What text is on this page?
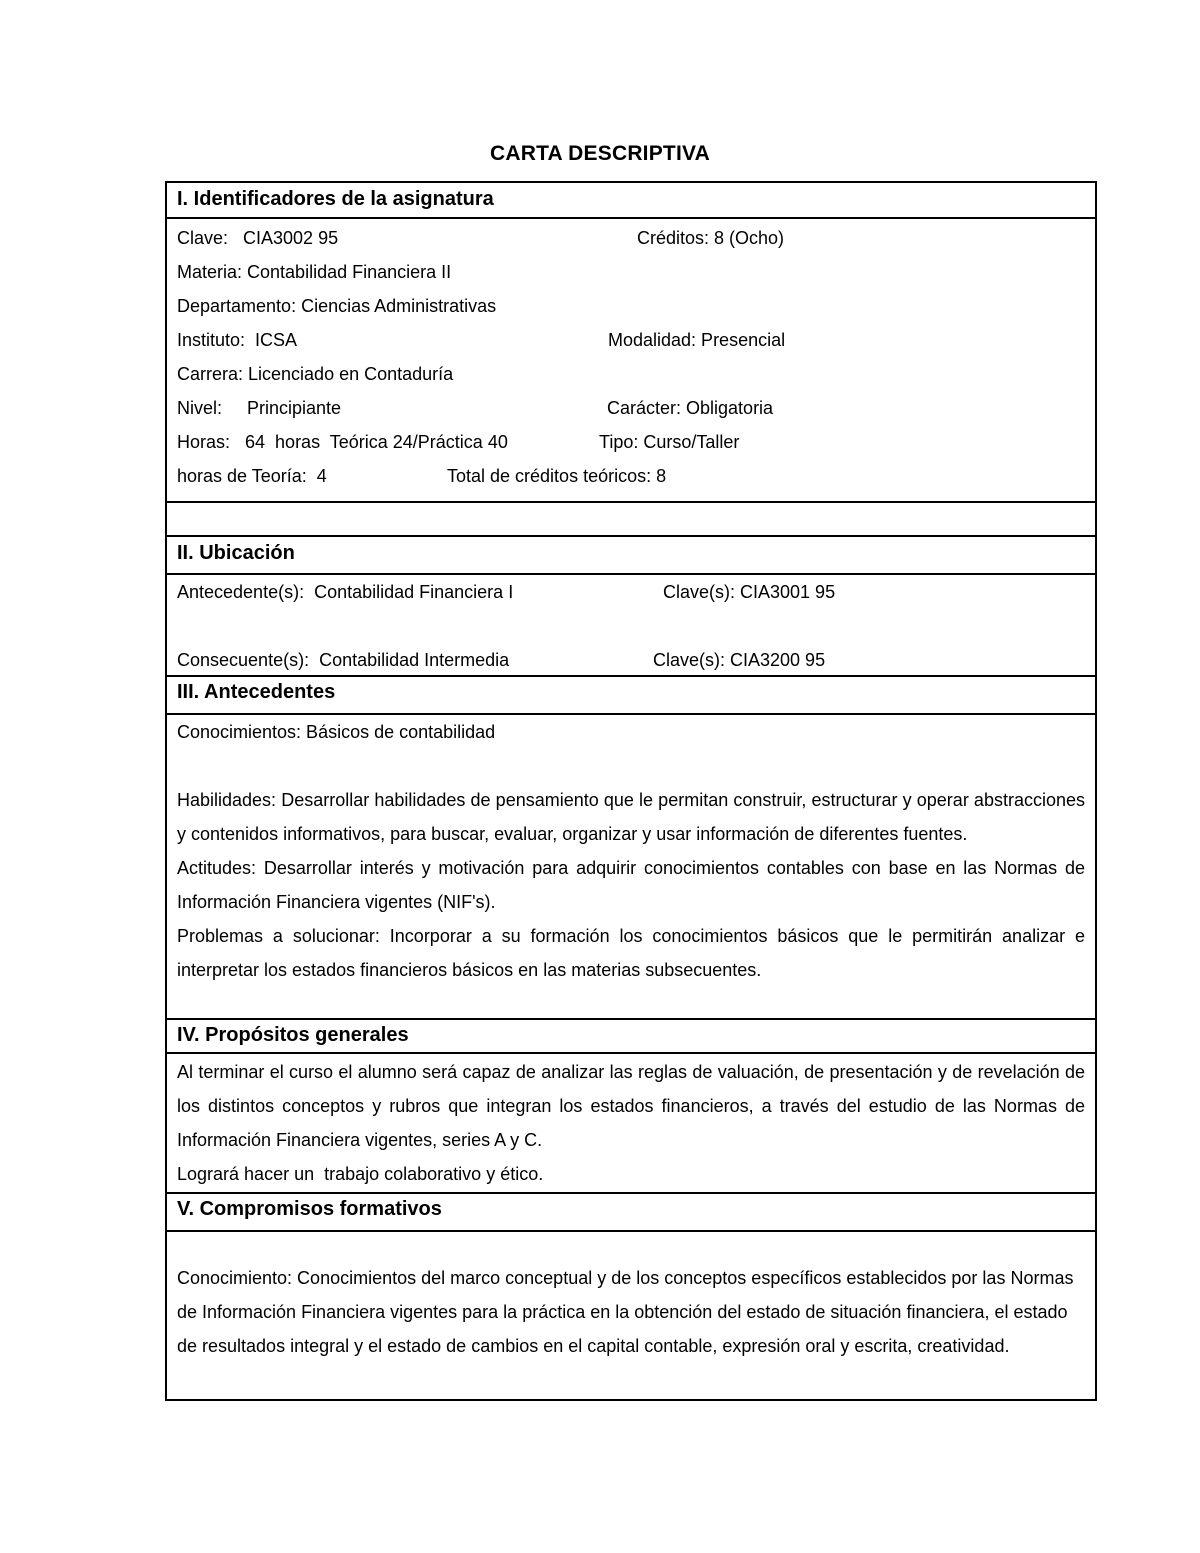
CARTA DESCRIPTIVA
I. Identificadores de la asignatura
Clave:   CIA3002 95	Créditos: 8 (Ocho)
Materia: Contabilidad Financiera II
Departamento: Ciencias Administrativas
Instituto:  ICSA	Modalidad: Presencial
Carrera: Licenciado en Contaduría
Nivel:     Principiante	Carácter: Obligatoria
Horas:   64  horas  Teórica 24/Práctica 40	Tipo: Curso/Taller
horas de Teoría:  4	Total de créditos teóricos: 8
II. Ubicación
Antecedente(s):  Contabilidad Financiera I	Clave(s): CIA3001 95
Consecuente(s):  Contabilidad Intermedia	Clave(s): CIA3200 95
III. Antecedentes
Conocimientos: Básicos de contabilidad
Habilidades: Desarrollar habilidades de pensamiento que le permitan construir, estructurar y operar abstracciones y contenidos informativos, para buscar, evaluar, organizar y usar información de diferentes fuentes.
Actitudes: Desarrollar interés y motivación para adquirir conocimientos contables con base en las Normas de Información Financiera vigentes (NIF's).
Problemas a solucionar: Incorporar a su formación los conocimientos básicos que le permitirán analizar e interpretar los estados financieros básicos en las materias subsecuentes.
IV. Propósitos generales
Al terminar el curso el alumno será capaz de analizar las reglas de valuación, de presentación y de revelación de los distintos conceptos y rubros que integran los estados financieros, a través del estudio de las Normas de Información Financiera vigentes, series A y C.
Logrará hacer un  trabajo colaborativo y ético.
V. Compromisos formativos
Conocimiento: Conocimientos del marco conceptual y de los conceptos específicos establecidos por las Normas de Información Financiera vigentes para la práctica en la obtención del estado de situación financiera, el estado de resultados integral y el estado de cambios en el capital contable, expresión oral y escrita, creatividad.
